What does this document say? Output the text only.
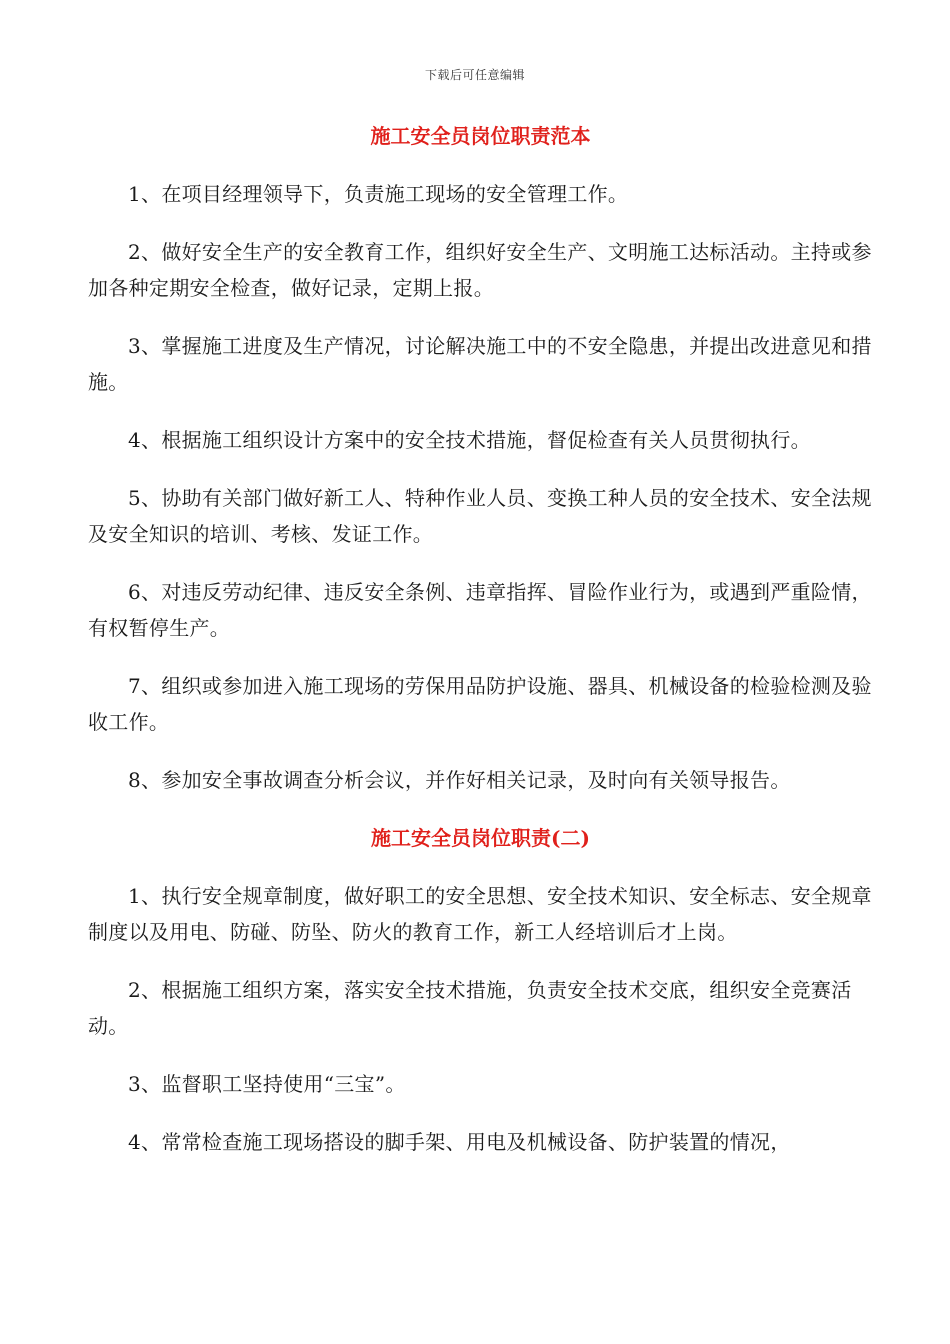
下载后可任意编辑
施工安全员岗位职责范本

1、在项目经理领导下，负责施工现场的安全管理工作。

2、做好安全生产的安全教育工作，组织好安全生产、文明施工达标活动。主持或参加各种定期安全检查，做好记录，定期上报。

3、掌握施工进度及生产情况，讨论解决施工中的不安全隐患，并提出改进意见和措施。

4、根据施工组织设计方案中的安全技术措施，督促检查有关人员贯彻执行。

5、协助有关部门做好新工人、特种作业人员、变换工种人员的安全技术、安全法规及安全知识的培训、考核、发证工作。

6、对违反劳动纪律、违反安全条例、违章指挥、冒险作业行为，或遇到严重险情，有权暂停生产。

7、组织或参加进入施工现场的劳保用品防护设施、器具、机械设备的检验检测及验收工作。

8、参加安全事故调查分析会议，并作好相关记录，及时向有关领导报告。

施工安全员岗位职责(二)

1、执行安全规章制度，做好职工的安全思想、安全技术知识、安全标志、安全规章制度以及用电、防碰、防坠、防火的教育工作，新工人经培训后才上岗。

2、根据施工组织方案，落实安全技术措施，负责安全技术交底，组织安全竞赛活动。

3、监督职工坚持使用“三宝”。

4、常常检查施工现场搭设的脚手架、用电及机械设备、防护装置的情况，
